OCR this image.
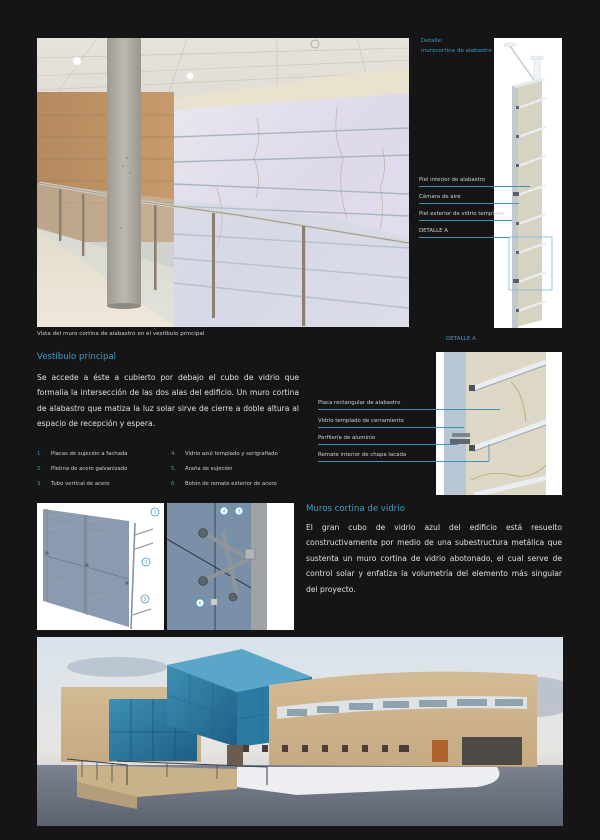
Vista del muro cortina de alabastro en el vestíbulo principal
Detalle:
murocortina de alabastro
Piel interior de alabastro
Cámara de aire
Piel exterior de vidrio templado
DETALLE A
Vestíbulo principal
Se accede a éste a cubierto por debajo el cubo de vidrio que formalia la intersección de las dos alas del edificio. Un muro cortina de alabastro que matiza la luz solar sirve de cierre a doble altura al espacio de recepción y espera.
1. Placas de sujeción a fachada
2. Pletina de acero galvanizado
3. Tubo vertical de acero
4. Vidrio azul templado y serigrafiado
5. Araña de sujeción
6. Botón de remate exterior de acero
DETALLE A
Placa rectangular de alabastro
Vidrio templado de cerramiento
Perfilería de aluminio
Remate interior de chapa lacada
1
2
3
4	5
6
Muros cortina de vidrio
El gran cubo de vidrio azul del edificio está resuelto constructivamente por medio de una subestructura metálica que sustenta un muro cortina de vidrio abotonado, el cual serve de control solar y enfatiza la volumetría del elemento más singular del proyecto.
